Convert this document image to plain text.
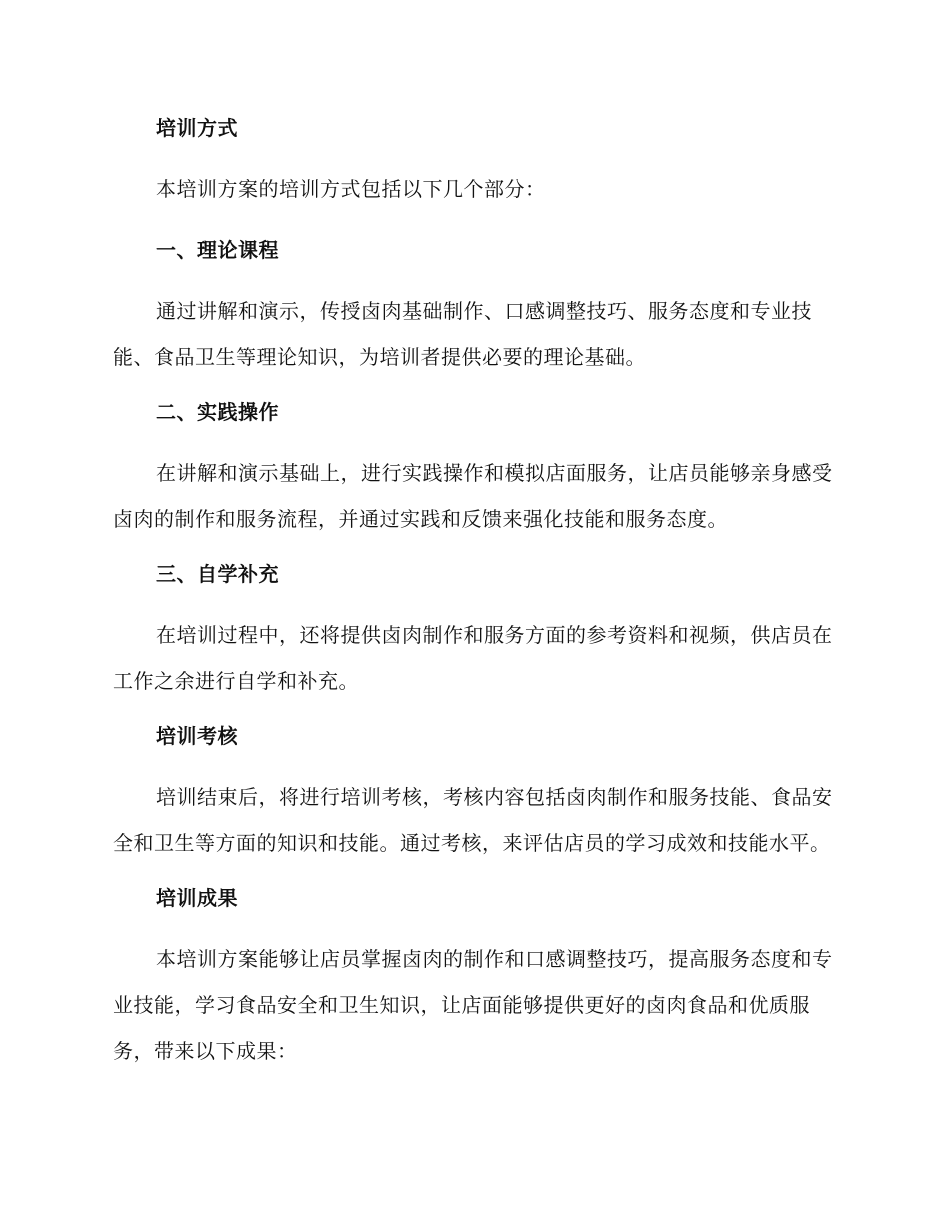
培训方式
本培训方案的培训方式包括以下几个部分：
一、理论课程
通过讲解和演示，传授卤肉基础制作、口感调整技巧、服务态度和专业技能、食品卫生等理论知识，为培训者提供必要的理论基础。
二、实践操作
在讲解和演示基础上，进行实践操作和模拟店面服务，让店员能够亲身感受卤肉的制作和服务流程，并通过实践和反馈来强化技能和服务态度。
三、自学补充
在培训过程中，还将提供卤肉制作和服务方面的参考资料和视频，供店员在工作之余进行自学和补充。
培训考核
培训结束后，将进行培训考核，考核内容包括卤肉制作和服务技能、食品安全和卫生等方面的知识和技能。通过考核，来评估店员的学习成效和技能水平。
培训成果
本培训方案能够让店员掌握卤肉的制作和口感调整技巧，提高服务态度和专业技能，学习食品安全和卫生知识，让店面能够提供更好的卤肉食品和优质服务，带来以下成果：
